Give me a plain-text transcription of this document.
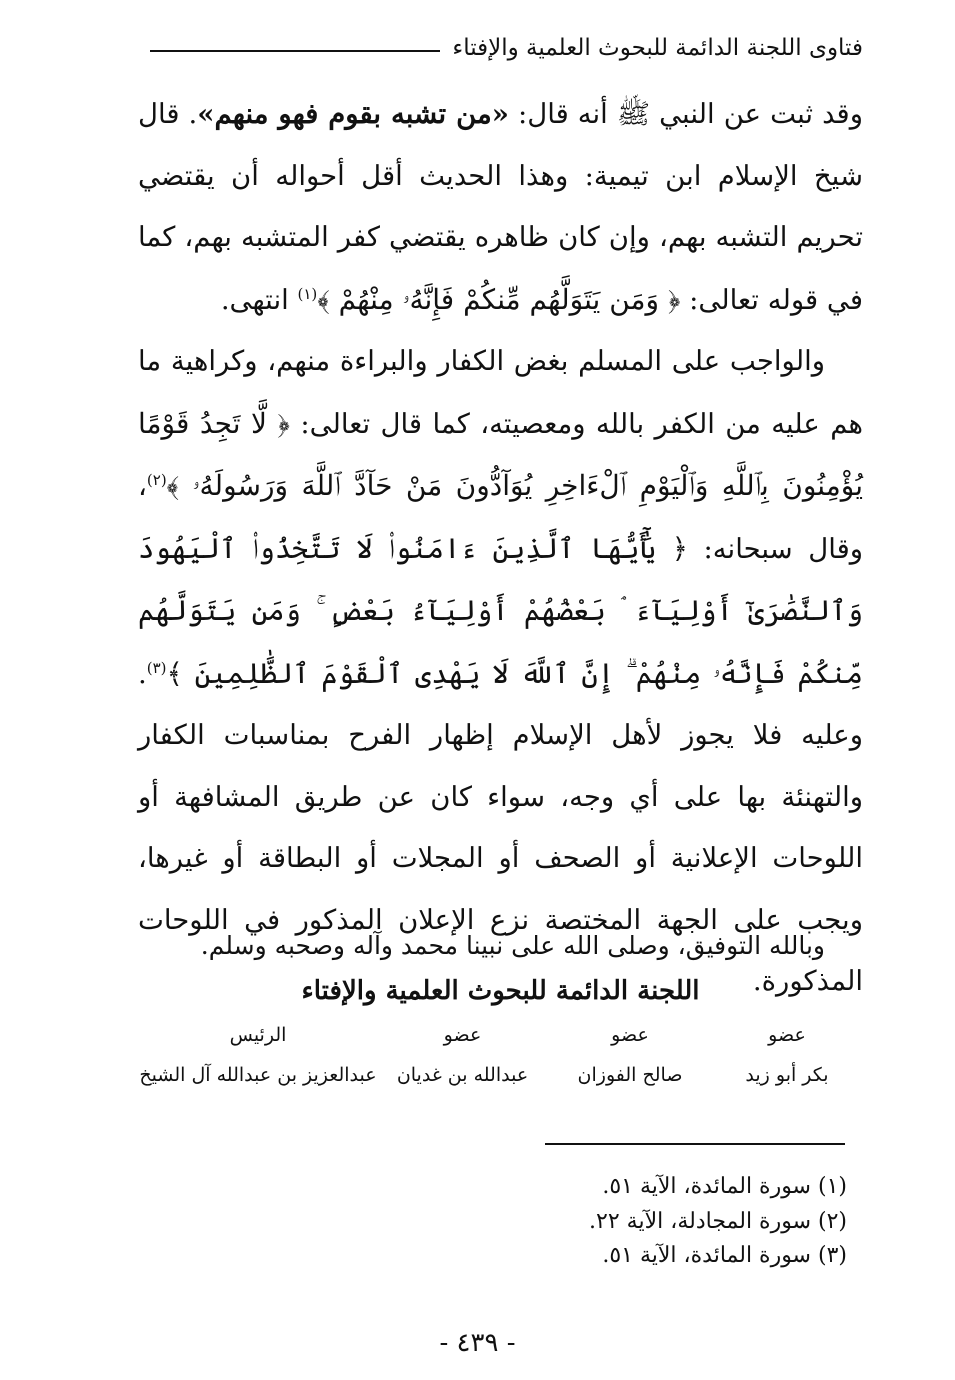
فتاوى اللجنة الدائمة للبحوث العلمية والإفتاء

وقد ثبت عن النبي ﷺ أنه قال: «من تشبه بقوم فهو منهم». قال شيخ الإسلام ابن تيمية: وهذا الحديث أقل أحواله أن يقتضي تحريم التشبه بهم، وإن كان ظاهره يقتضي كفر المتشبه بهم، كما في قوله تعالى: ﴿ وَمَن يَتَوَلَّهُم مِّنكُمْ فَإِنَّهُۥ مِنْهُمْ ﴾$^{(١)}$ انتهى.

والواجب على المسلم بغض الكفار والبراءة منهم، وكراهية ما هم عليه من الكفر بالله ومعصيته، كما قال تعالى: ﴿ لَّا تَجِدُ قَوْمًا يُؤْمِنُونَ بِٱللَّهِ وَٱلْيَوْمِ ٱلْءَاخِرِ يُوَآدُّونَ مَنْ حَآدَّ ٱللَّهَ وَرَسُولَهُۥ ﴾$^{(٢)}$، وقال سبحانه: ﴿ يَٰٓأَيُّهَا ٱلَّذِينَ ءَامَنُوا۟ لَا تَتَّخِذُوا۟ ٱلْيَهُودَ وَٱلنَّصَٰرَىٰٓ أَوْلِيَآءَ ۘ بَعْضُهُمْ أَوْلِيَآءُ بَعْضٍ ۚ وَمَن يَتَوَلَّهُم مِّنكُمْ فَإِنَّهُۥ مِنْهُمْ ۗ إِنَّ ٱللَّهَ لَا يَهْدِى ٱلْقَوْمَ ٱلظَّٰلِمِينَ ﴾$^{(٣)}$. وعليه فلا يجوز لأهل الإسلام إظهار الفرح بمناسبات الكفار والتهنئة بها على أي وجه، سواء كان عن طريق المشافهة أو اللوحات الإعلانية أو الصحف أو المجلات أو البطاقة أو غيرها، ويجب على الجهة المختصة نزع الإعلان المذكور في اللوحات المذكورة.

وبالله التوفيق، وصلى الله على نبينا محمد وآله وصحبه وسلم.
اللجنة الدائمة للبحوث العلمية والإفتاء
عضو
بكر أبو زيد
عضو
صالح الفوزان
عضو
عبدالله بن غديان
الرئيس
عبدالعزيز بن عبدالله آل الشيخ
(١) سورة المائدة، الآية ٥١.
(٢) سورة المجادلة، الآية ٢٢.
(٣) سورة المائدة، الآية ٥١.
- ٤٣٩ -
